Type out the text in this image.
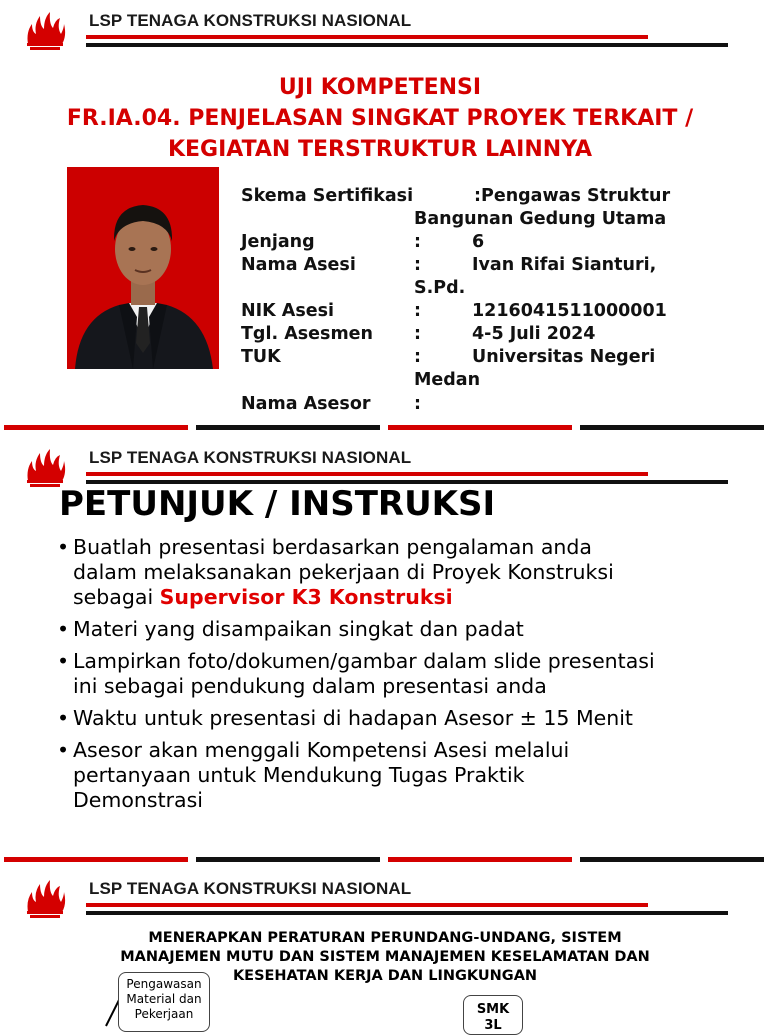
LSP TENAGA KONSTRUKSI NASIONAL
UJI KOMPETENSI
FR.IA.04. PENJELASAN SINGKAT PROYEK TERKAIT /
KEGIATAN TERSTRUKTUR LAINNYA
Skema Sertifikasi	: Pengawas Struktur
Bangunan Gedung Utama
Jenjang	:	6
Nama Asesi	:	Ivan Rifai Sianturi,
S.Pd.
NIK Asesi	:	1216041511000001
Tgl. Asesmen :	4-5 Juli 2024
TUK	:	Universitas Negeri
Medan
Nama Asesor :
LSP TENAGA KONSTRUKSI NASIONAL
PETUNJUK / INSTRUKSI
• Buatlah presentasi berdasarkan pengalaman anda
dalam melaksanakan pekerjaan di Proyek Konstruksi
sebagai Supervisor K3 Konstruksi
• Materi yang disampaikan singkat dan padat
• Lampirkan foto/dokumen/gambar dalam slide presentasi
ini sebagai pendukung dalam presentasi anda
• Waktu untuk presentasi di hadapan Asesor ± 15 Menit
• Asesor akan menggali Kompetensi Asesi melalui
pertanyaan untuk Mendukung Tugas Praktik
Demonstrasi
LSP TENAGA KONSTRUKSI NASIONAL
MENERAPKAN PERATURAN PERUNDANG-UNDANG, SISTEM
MANAJEMEN MUTU DAN SISTEM MANAJEMEN KESELAMATAN DAN
KESEHATAN KERJA DAN LINGKUNGAN
Pengawasan
Material dan
Pekerjaan	SMK
3L
